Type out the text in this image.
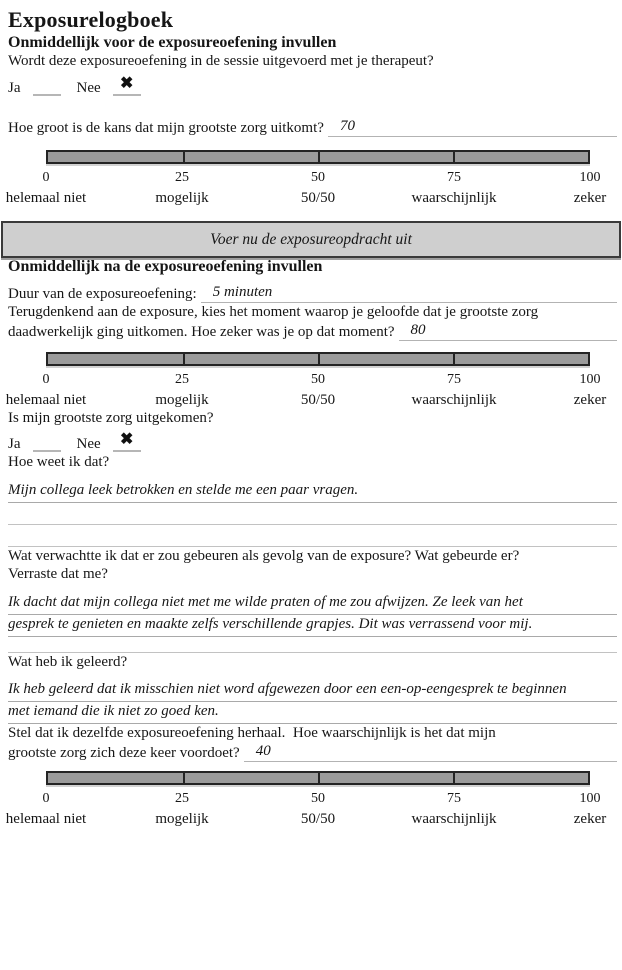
Exposurelogboek
Onmiddellijk voor de exposureoefening invullen

Wordt deze exposureoefening in de sessie uitgevoerd met je therapeut?

Ja	Nee	✖
Hoe groot is de kans dat mijn grootste zorg uitkomt?	70
0	25	50	75	100
helemaal niet	mogelijk	50/50	waarschijnlijk	zeker
Voer nu de exposureopdracht uit
Onmiddellijk na de exposureoefening invullen
Duur van de exposureoefening:	5 minuten

Terugdenkend aan de exposure, kies het moment waarop je geloofde dat je grootste zorg

daadwerkelijk ging uitkomen. Hoe zeker was je op dat moment?	80
0	25	50	75	100
helemaal niet	mogelijk	50/50	waarschijnlijk	zeker

Is mijn grootste zorg uitgekomen?

Ja	Nee	✖

Hoe weet ik dat?

Mijn collega leek betrokken en stelde me een paar vragen.

Wat verwachtte ik dat er zou gebeuren als gevolg van de exposure? Wat gebeurde er?

Verraste dat me?

Ik dacht dat mijn collega niet met me wilde praten of me zou afwijzen. Ze leek van het
gesprek te genieten en maakte zelfs verschillende grapjes. Dit was verrassend voor mij.

Wat heb ik geleerd?

Ik heb geleerd dat ik misschien niet word afgewezen door een een-op-eengesprek te beginnen
met iemand die ik niet zo goed ken.

Stel dat ik dezelfde exposureoefening herhaal.  Hoe waarschijnlijk is het dat mijn

grootste zorg zich deze keer voordoet?	40
0	25	50	75	100
helemaal niet	mogelijk	50/50	waarschijnlijk	zeker
